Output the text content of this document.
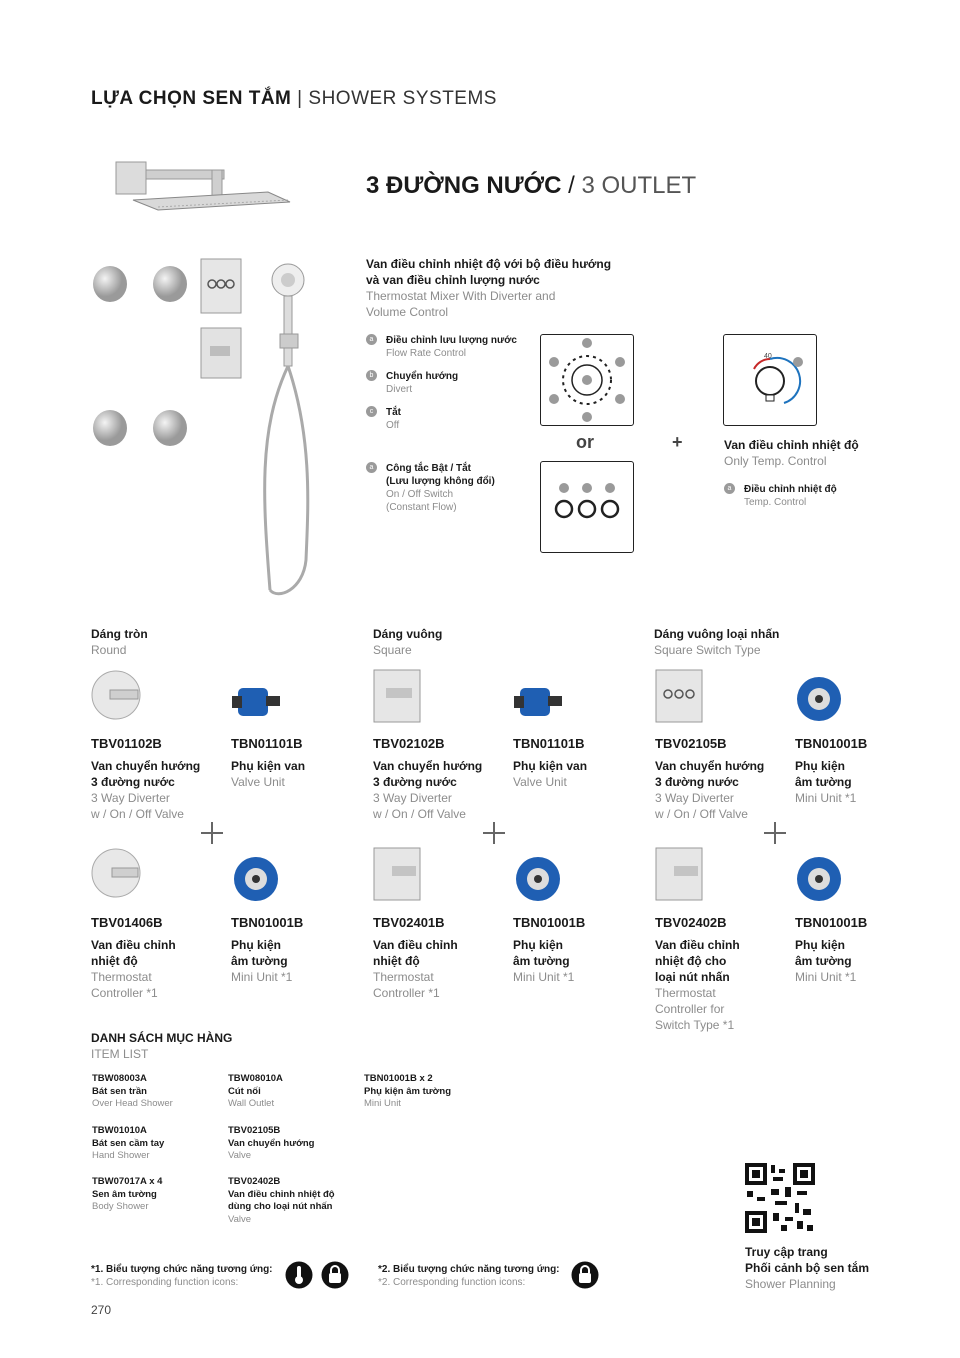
LỰA CHỌN SEN TẮM | SHOWER SYSTEMS
3 ĐƯỜNG NƯỚC / 3 OUTLET
Van điều chỉnh nhiệt độ với bộ điều hướng
và van điều chỉnh lượng nước
Thermostat Mixer With Diverter and
Volume Control
a Điều chỉnh lưu lượng nước
Flow Rate Control
b Chuyển hướng
Divert
c Tắt
Off
a Công tắc Bật / Tắt
(Lưu lượng không đổi)
On / Off Switch
(Constant Flow)
or	+
40
Van điều chỉnh nhiệt độ
Only Temp. Control
a Điều chỉnh nhiệt độ
Temp. Control
Dáng tròn
Round
Dáng vuông
Square
Dáng vuông loại nhấn
Square Switch Type
TBV01102B
Van chuyển hướng
3 đường nước
3 Way Diverter
w / On / Off Valve
TBN01101B
Phụ kiện van
Valve Unit
TBV02102B
Van chuyển hướng
3 đường nước
3 Way Diverter
w / On / Off Valve
TBN01101B
Phụ kiện van
Valve Unit
TBV02105B
Van chuyển hướng
3 đường nước
3 Way Diverter
w / On / Off Valve
TBN01001B
Phụ kiện
âm tường
Mini Unit *1
TBV01406B
Van điều chỉnh
nhiệt độ
Thermostat
Controller *1
TBN01001B
Phụ kiện
âm tường
Mini Unit *1
TBV02401B
Van điều chỉnh
nhiệt độ
Thermostat
Controller *1
TBN01001B
Phụ kiện
âm tường
Mini Unit *1
TBV02402B
Van điều chỉnh
nhiệt độ cho
loại nút nhấn
Thermostat
Controller for
Switch Type *1
TBN01001B
Phụ kiện
âm tường
Mini Unit *1
DANH SÁCH MỤC HÀNG
ITEM LIST
TBW08003A
Bát sen trần
Over Head Shower
TBW08010A
Cút nối
Wall Outlet
TBN01001B x 2
Phụ kiện âm tường
Mini Unit
TBW01010A
Bát sen cầm tay
Hand Shower
TBV02105B
Van chuyển hướng
Valve
TBW07017A x 4
Sen âm tường
Body Shower
TBV02402B
Van điều chỉnh nhiệt độ
dùng cho loại nút nhấn
Valve
Truy cập trang
Phối cảnh bộ sen tắm
Shower Planning
*1. Biểu tượng chức năng tương ứng:
*1. Corresponding function icons:
*2. Biểu tượng chức năng tương ứng:
*2. Corresponding function icons:
270
